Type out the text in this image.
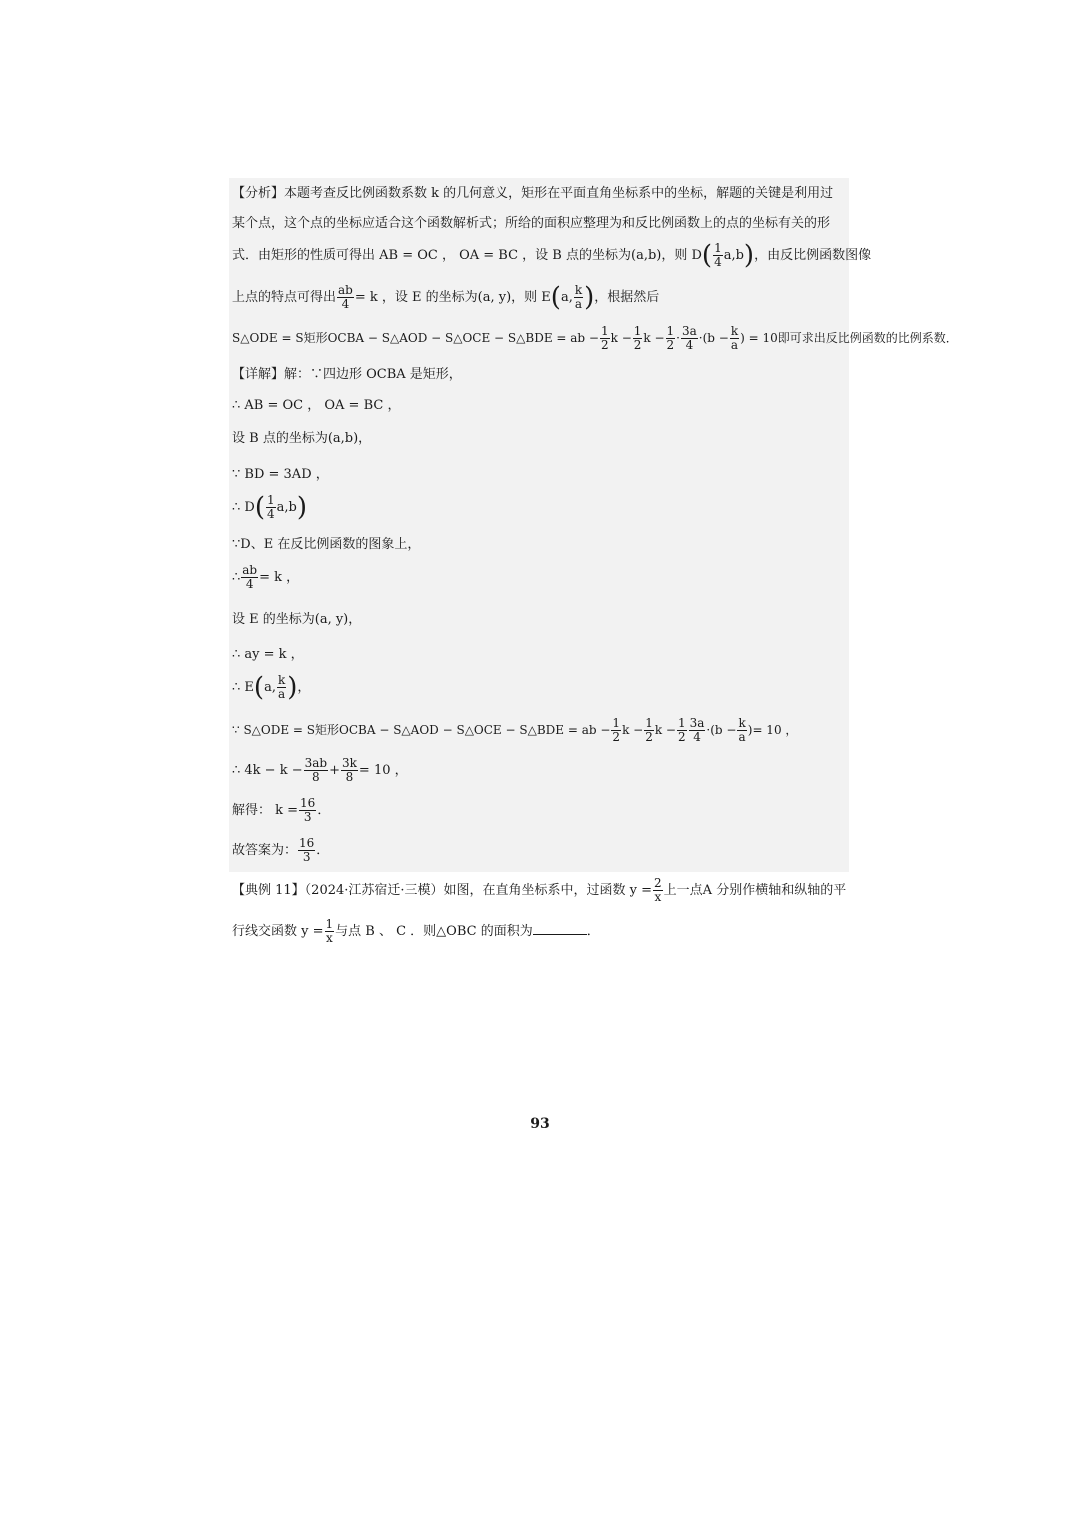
【分析】本题考查反比例函数系数 k 的几何意义，矩形在平面直角坐标系中的坐标，解题的关键是利用过
某个点，这个点的坐标应适合这个函数解析式；所给的面积应整理为和反比例函数上的点的坐标有关的形
式．由矩形的性质可得出 AB = OC ， OA = BC ，设 B 点的坐标为(a,b)，则 $D( \frac{1}{4} a,b)$，由反比例函数图像
上点的特点可得出 $\frac{ab}{4} = k$ ，设 E 的坐标为(a, y)，则 E(a, $\frac{k}{a}$ )，根据然后
S△ODE = S矩形OCBA − S△AOD − S△OCE − S△BDE = ab − $\frac{1}{2}$ $k - \frac{1}{2}$ $k - \frac{1}{2} \cdot \frac{3a}{4} \cdot(b - \frac{k}{a}$ ) = 10即可求出反比例函数的比例系数．
【详解】解：∵四边形 OCBA 是矩形，
∴ AB = OC ， OA = BC ，
设 B 点的坐标为(a,b)，
∵ BD = 3AD ，
∴ $D( \frac{1}{4} a,b)$
∵D、E 在反比例函数的图象上，
∴ $\frac{ab}{4} = k$ ，
设 E 的坐标为(a, y)，
∴ ay = k ，
∴ E(a, $\frac{k}{a}$ )，
∵ S△ODE = S矩形OCBA − S△AOD − S△OCE − S△BDE = ab − $\frac{1}{2}$ $k - \frac{1}{2}$ $k - \frac{1}{2} \frac{3a}{4} \cdot(b - \frac{k}{a}$ )= 10 ，
∴ $4k - k - \frac{3ab}{8} + \frac{3k}{8} = 10$ ，
解得： $k = \frac{16}{3}$ ．
故答案为： $\frac{16}{3}$ ．
【典例 11】（2024·江苏宿迁·三模）如图，在直角坐标系中，过函数 $y = \frac{2}{x}$ 上一点A 分别作横轴和纵轴的平
行线交函数 $y = \frac{1}{x}$ 与点 B 、 C ．则△OBC 的面积为	．
93
